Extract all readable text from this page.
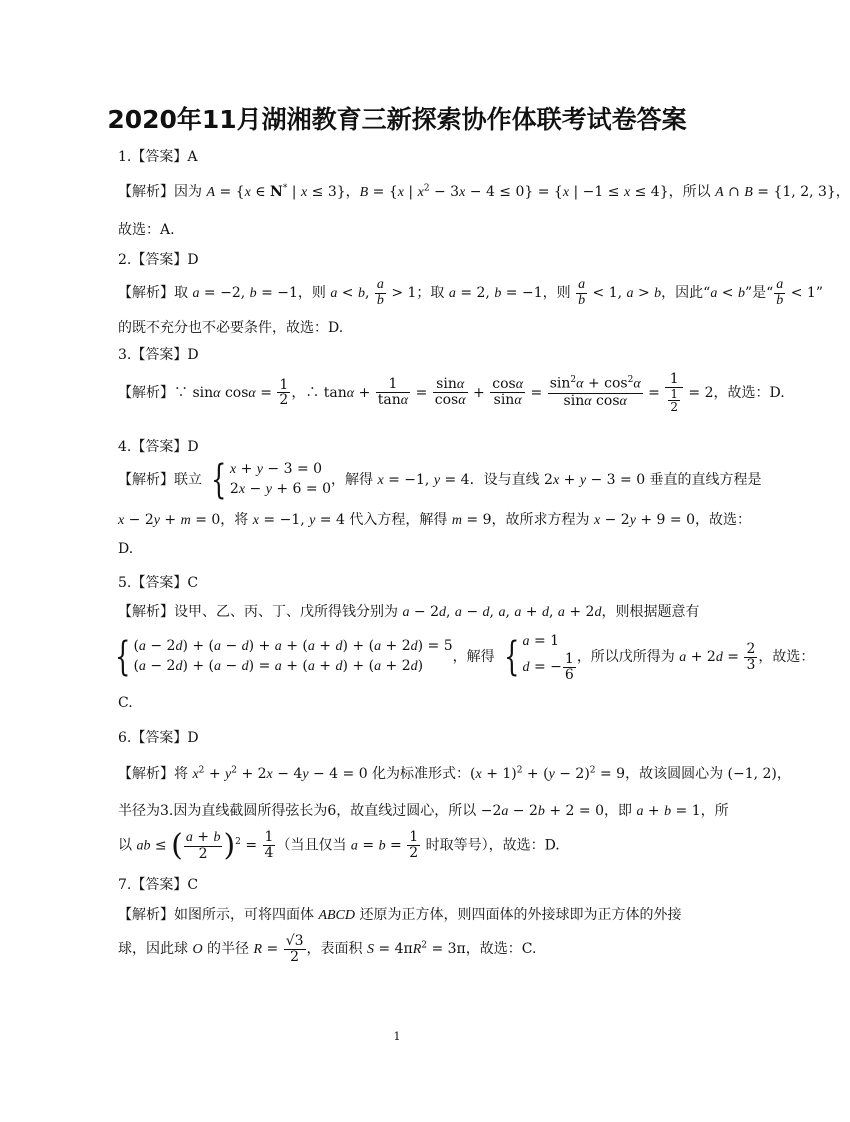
2020年11月湖湘教育三新探索协作体联考试卷答案
1.【答案】A
【解析】因为 A = {x ∈ N* | x ≤ 3}，B = {x | $x^2 - 3x - 4 \le 0\} = \{x$ | −1 ≤ x ≤ 4}，所以 A ∩ B = {1, 2, 3}，
故选：A.
2.【答案】D
【解析】取 a = −2, b = −1，则 a < b, $\frac{a}{b} > 1$；取 a = 2, b = −1，则 $\frac{a}{b} < 1$, a > b，因此“a < b”是“ $\frac{a}{b} < 1$”
的既不充分也不必要条件，故选：D.
3.【答案】D
【解析】∵ sinα $\cos\alpha = \frac{1}{2}$ ，∴ $\tan\alpha + \frac{1}{\tan\alpha} = \frac{\sin\alpha}{\cos\alpha} + \frac{\cos\alpha}{\sin\alpha} = \frac{\sin^2\alpha + \cos^2\alpha}{\text{sinα cosα}} = \frac{1}{\frac{1}{2}} = 2$，故选：D.
4.【答案】D
【解析】联立 { x + y − 3 = 0
2x − y + 6 = 0
，解得 x = −1, y = 4．设与直线 2x + y − 3 = 0 垂直的直线方程是
x − 2y + m = 0，将 x = −1, y = 4 代入方程，解得 m = 9，故所求方程为 x − 2y + 9 = 0，故选：
D.
5.【答案】C
【解析】设甲、乙、丙、丁、戊所得钱分别为 a − 2d, a − d, a, a + d, a + 2d，则根据题意有
{ (a − 2d) + (a − d) + a + (a + d) + (a + 2d) = 5
(a − 2d) + (a − d) = a + (a + d) + (a + 2d)
，解得 { a = 1
d = − $\frac{1}{6}$ ，所以戊所得为 $a + 2d = \frac{2}{3}$ ，故选：
C.
6.【答案】D
【解析】将 $x^2 + y^2 + 2x - 4y - 4 = 0$ 化为标准形式：$(x + 1)^2 + (y - 2)^2 = 9$，故该圆圆心为 (−1, 2)，
半径为3.因为直线截圆所得弦长为6，故直线过圆心，所以 −2a − 2b + 2 = 0，即 a + b = 1，所
以 ab ≤ ( $\frac{a + b}{2} )^2 = \frac{1}{4}$ （当且仅当 $a = b = \frac{1}{2}$ 时取等号），故选：D.
7.【答案】C
【解析】如图所示，可将四面体 ABCD 还原为正方体，则四面体的外接球即为正方体的外接
球，因此球 O 的半径 $R = \frac{√3}{2}$ ，表面积 $S = 4\pi R^2 = 3\pi$，故选：C.
1
